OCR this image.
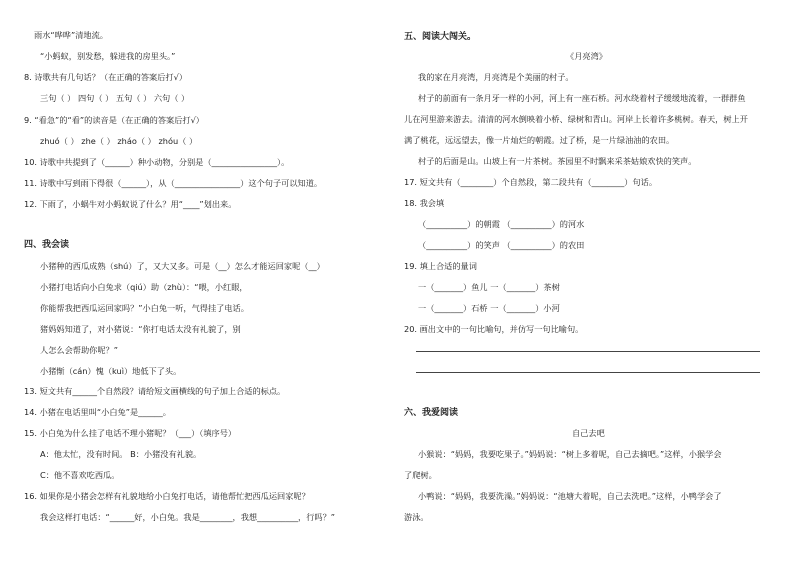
雨水“哗哗”清地流。
“小蚂蚁，别发愁，躲进我的房里头。”
8. 诗歌共有几句话？（在正确的答案后打√）
三句（ ） 四句（ ） 五句（ ） 六句（ ）
9. “看急”的“看”的读音是（在正确的答案后打√）
zhuó（ ） zhe（ ） zháo（ ） zhóu（ ）
10. 诗歌中共提到了（______）种小动物，分别是（________________）。
11. 诗歌中写到雨下得很（______），从（________________）这个句子可以知道。
12. 下雨了，小蜗牛对小蚂蚁说了什么？用“____”划出来。
四、我会读
小猪种的西瓜成熟（shú）了，又大又多。可是（__）怎么才能运回家呢（__）
小猪打电话向小白兔求（qiú）助（zhù）：“喂，小红眼，
你能帮我把西瓜运回家吗？”小白兔一听，气得挂了电话。
猪妈妈知道了，对小猪说：“你打电话太没有礼貌了，别
人怎么会帮助你呢？”
小猪惭（cán）愧（kuì）地低下了头。
13. 短文共有______个自然段？请给短文画横线的句子加上合适的标点。
14. 小猪在电话里叫“小白兔”是______。
15. 小白兔为什么挂了电话不理小猪呢？（___）（填序号）
A：他太忙，没有时间。 B：小猪没有礼貌。
C：他不喜欢吃西瓜。
16. 如果你是小猪会怎样有礼貌地给小白兔打电话，请他帮忙把西瓜运回家呢？
我会这样打电话：“______好，小白兔。我是________，我想__________，行吗？”
五、阅读大闯关。
《月亮湾》
我的家在月亮湾，月亮湾是个美丽的村子。
村子的前面有一条月牙一样的小河，河上有一座石桥。河水绕着村子缓缓地流着，一群群鱼
儿在河里游来游去。清清的河水倒映着小桥、绿树和青山。河岸上长着许多桃树。春天，树上开
满了桃花，远远望去，像一片灿烂的朝霞。过了桥，是一片绿油油的农田。
村子的后面是山。山坡上有一片茶树。茶园里不时飘来采茶姑娘欢快的笑声。
17. 短文共有（________）个自然段，第二段共有（________）句话。
18. 我会填
（__________）的朝霞 （__________）的河水
（__________）的笑声 （__________）的农田
19. 填上合适的量词
一（_______）鱼儿 一（_______）茶树
一（_______）石桥 一（_______）小河
20. 画出文中的一句比喻句，并仿写一句比喻句。
六、我爱阅读
自己去吧
小猴说：“妈妈，我要吃果子。”妈妈说：“树上多着呢，自己去摘吧。”这样，小猴学会
了爬树。
小鸭说：“妈妈，我要洗澡。”妈妈说：“池塘大着呢，自己去洗吧。”这样，小鸭学会了
游泳。
